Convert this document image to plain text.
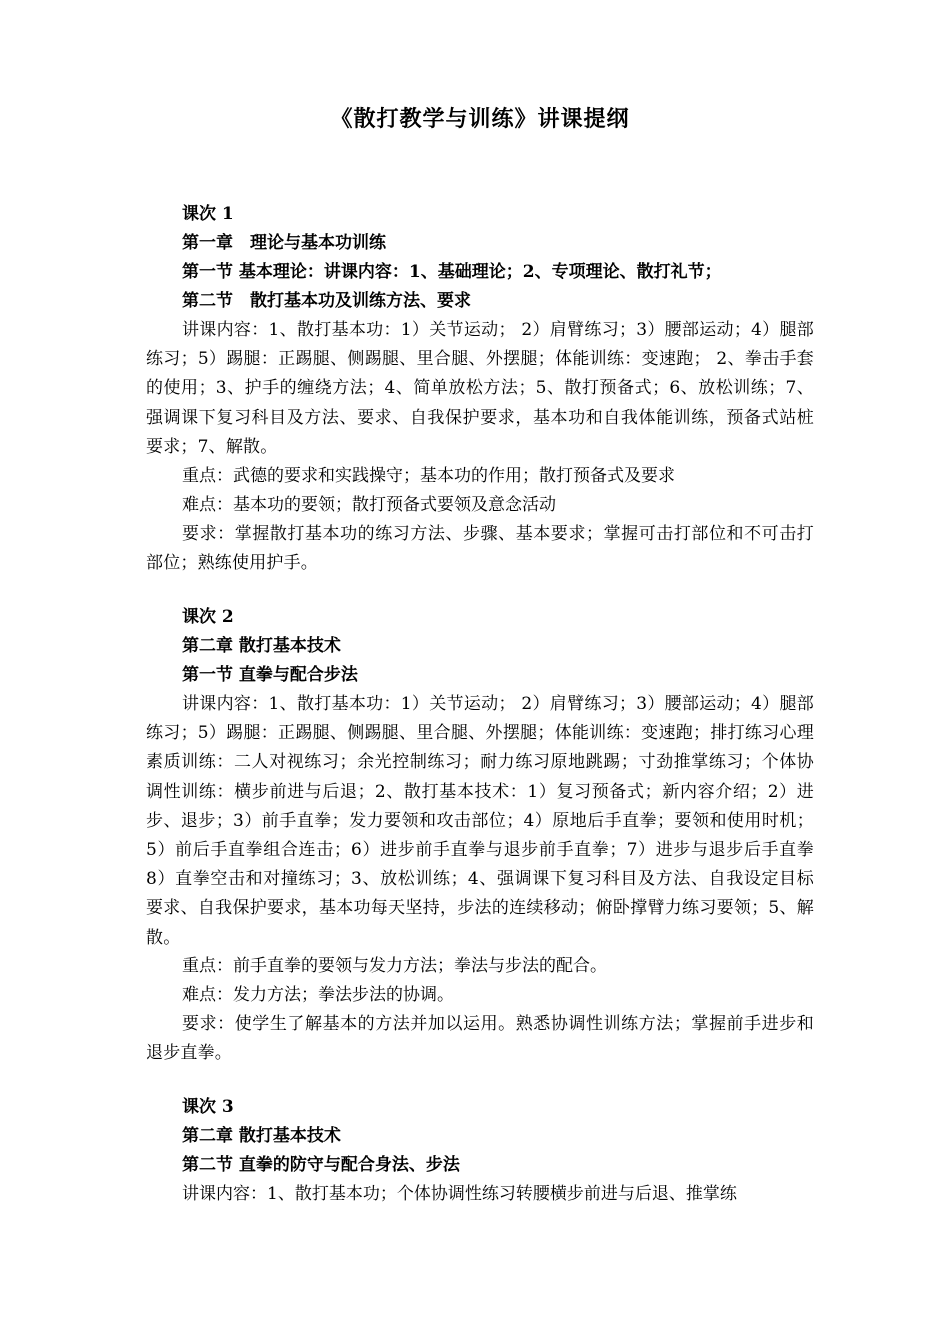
《散打教学与训练》讲课提纲
课次 1
第一章　理论与基本功训练
第一节 基本理论：讲课内容：1、基础理论；2、专项理论、散打礼节；
第二节　散打基本功及训练方法、要求
讲课内容：1、散打基本功：1）关节运动； 2）肩臂练习；3）腰部运动；4）腿部练习；5）踢腿：正踢腿、侧踢腿、里合腿、外摆腿；体能训练：变速跑； 2、拳击手套的使用；3、护手的缠绕方法；4、简单放松方法；5、散打预备式；6、放松训练；7、强调课下复习科目及方法、要求、自我保护要求，基本功和自我体能训练，预备式站桩要求；7、解散。
重点：武德的要求和实践操守；基本功的作用；散打预备式及要求
难点：基本功的要领；散打预备式要领及意念活动
要求：掌握散打基本功的练习方法、步骤、基本要求；掌握可击打部位和不可击打部位；熟练使用护手。
课次 2
第二章 散打基本技术
第一节 直拳与配合步法
讲课内容：1、散打基本功：1）关节运动； 2）肩臂练习；3）腰部运动；4）腿部练习；5）踢腿：正踢腿、侧踢腿、里合腿、外摆腿；体能训练：变速跑；排打练习心理素质训练：二人对视练习；余光控制练习；耐力练习原地跳踢；寸劲推掌练习；个体协调性训练：横步前进与后退；2、散打基本技术：1）复习预备式；新内容介绍；2）进步、退步；3）前手直拳；发力要领和攻击部位；4）原地后手直拳；要领和使用时机；5）前后手直拳组合连击；6）进步前手直拳与退步前手直拳；7）进步与退步后手直拳 8）直拳空击和对撞练习；3、放松训练；4、强调课下复习科目及方法、自我设定目标要求、自我保护要求，基本功每天坚持，步法的连续移动；俯卧撑臂力练习要领；5、解散。
重点：前手直拳的要领与发力方法；拳法与步法的配合。
难点：发力方法；拳法步法的协调。
要求：使学生了解基本的方法并加以运用。熟悉协调性训练方法；掌握前手进步和退步直拳。
课次 3
第二章 散打基本技术
第二节 直拳的防守与配合身法、步法
讲课内容：1、散打基本功；个体协调性练习转腰横步前进与后退、推掌练
